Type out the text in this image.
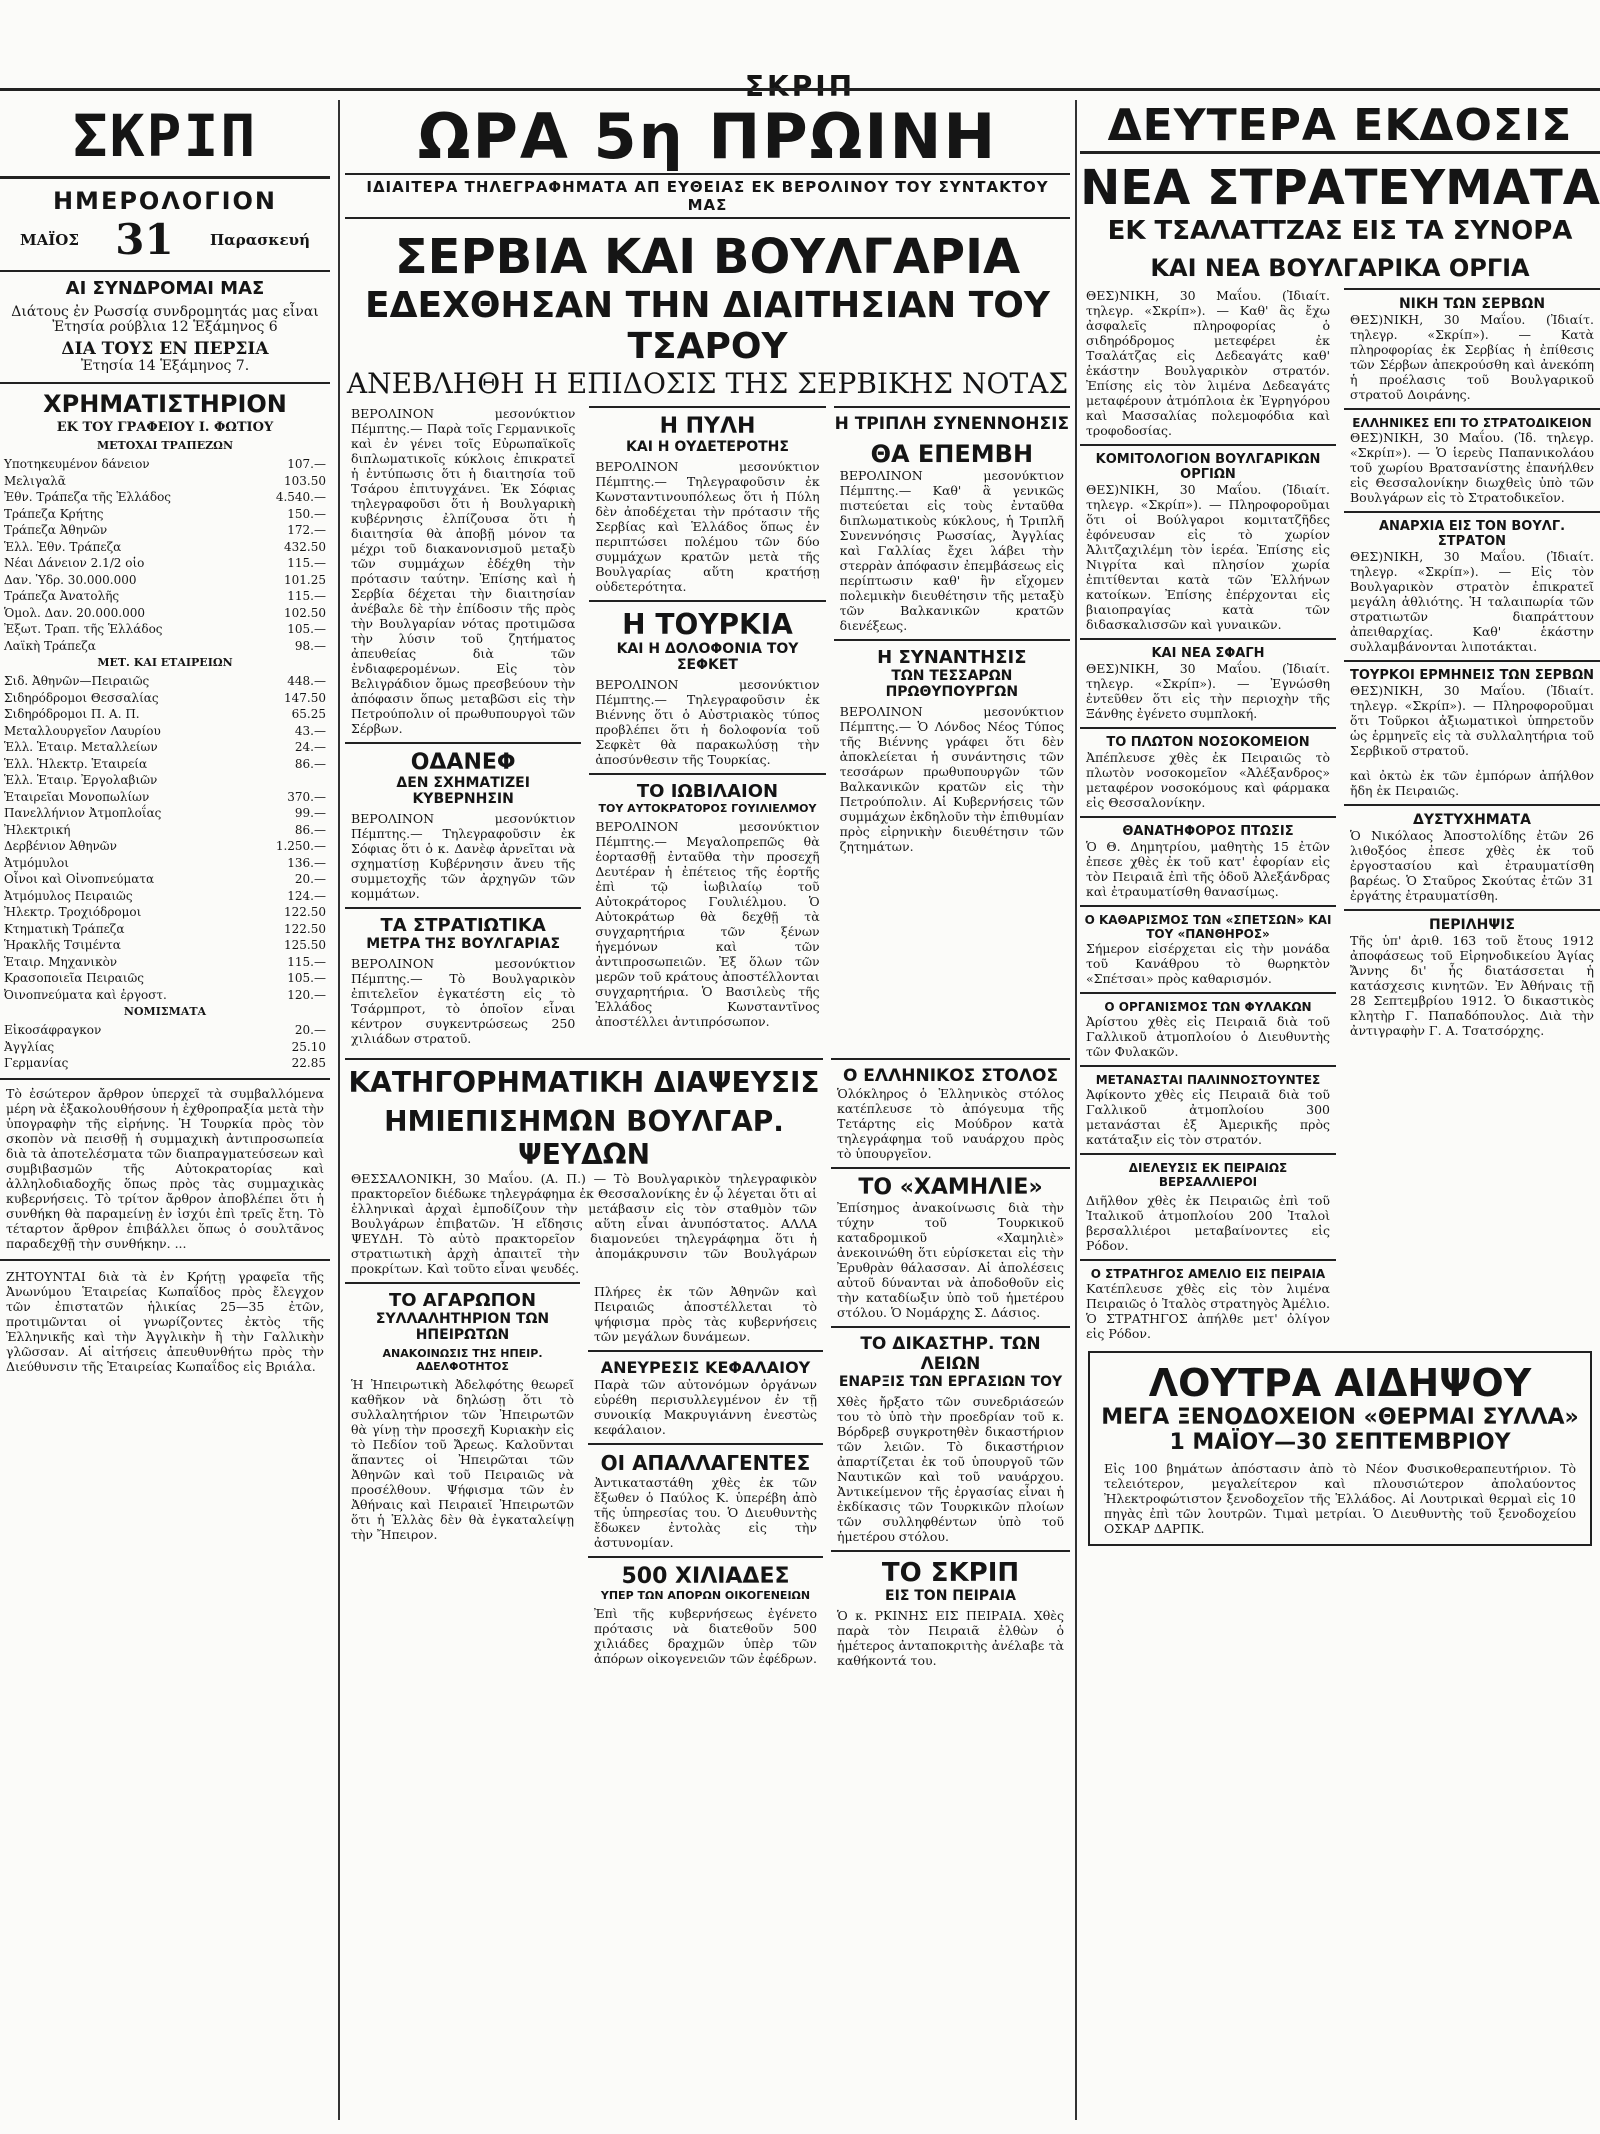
ΣΚΡΙΠ
ΣΚΡΙΠ
ΗΜΕΡΟΛΟΓΙΟΝ
ΜΑΪΟΣ 31 Παρασκευή
ΑΙ ΣΥΝΔΡΟΜΑΙ ΜΑΣ
Διάτους ἐν Ρωσσίᾳ συνδρομητάς μας εἶναι Ἐτησία ρούβλια 12 Ἑξάμηνος 6
ΔΙΑ ΤΟΥΣ ΕΝ ΠΕΡΣΙΑ
Ἐτησία 14 Ἑξάμηνος 7.
ΧΡΗΜΑΤΙΣΤΗΡΙΟΝ
ΕΚ ΤΟΥ ΓΡΑΦΕΙΟΥ Ι. ΦΩΤΙΟΥ
ΜΕΤΟΧΑΙ ΤΡΑΠΕΖΩΝ
Υποτηκευμένον δάνειον	107.—
Μελιγαλᾶ	103.50
Ἐθν. Τράπεζα τῆς Ἑλλάδος	4.540.—
Τράπεζα Κρήτης	150.—
Τράπεζα Ἀθηνῶν	172.—
Ἑλλ. Ἐθν. Τράπεζα	432.50
Νέαι Δάνειον 2.1/2 οἱο	115.—
Δαν. Ὑδρ. 30.000.000	101.25
Τράπεζα Ἀνατολῆς	115.—
Ὁμολ. Δαν. 20.000.000	102.50
Ἐξωτ. Τραπ. τῆς Ἑλλάδος	105.—
Λαϊκὴ Τράπεζα	98.—
ΜΕΤ. ΚΑΙ ΕΤΑΙΡΕΙΩΝ
Σιδ. Ἀθηνῶν—Πειραιῶς	448.—
Σιδηρόδρομοι Θεσσαλίας	147.50
Σιδηρόδρομοι Π. Α. Π.	65.25
Μεταλλουργεῖον Λαυρίου	43.—
Ἑλλ. Ἑταιρ. Μεταλλείων	24.—
Ἑλλ. Ἡλεκτρ. Ἑταιρεία	86.—
Ἑλλ. Ἑταιρ. Ἐργολαβιῶν	
Ἑταιρεῖαι Μονοπωλίων	370.—
Πανελλήνιον Ἀτμοπλοΐας	99.—
Ἠλεκτρική	86.—
Δερβένιον Ἀθηνῶν	1.250.—
Ἀτμόμυλοι	136.—
Οἶνοι καὶ Οἰνοπνεύματα	20.—
Ἀτμόμυλος Πειραιῶς	124.—
Ἠλεκτρ. Τροχιόδρομοι	122.50
Κτηματικὴ Τράπεζα	122.50
Ἡρακλῆς Τσιμέντα	125.50
Ἑταιρ. Μηχανικὸν	115.—
Κρασοποιεῖα Πειραιῶς	105.—
Ὀινοπνεύματα καὶ ἐργοστ.	120.—
ΝΟΜΙΣΜΑΤΑ
Εἰκοσάφραγκον	20.—
Ἀγγλίας	25.10
Γερμανίας	22.85
Τὸ ἐσώτερον ἄρθρον ὑπερχεῖ τὰ συμβαλλόμενα μέρη νὰ ἐξακολουθήσουν ἡ ἐχθροπραξία μετὰ τὴν ὑπογραφὴν τῆς εἰρήνης. Ἡ Τουρκία πρὸς τὸν σκοπὸν νὰ πεισθῇ ἡ συμμαχικὴ ἀντιπροσωπεία διὰ τὰ ἀποτελέσματα τῶν διαπραγματεύσεων καὶ συμβιβασμῶν τῆς Αὐτοκρατορίας καὶ ἀλληλοδιαδοχῆς ὅπως πρὸς τὰς συμμαχικὰς κυβερνήσεις. Τὸ τρίτον ἄρθρον ἀποβλέπει ὅτι ἡ συνθήκη θὰ παραμείνῃ ἐν ἰσχύι ἐπὶ τρεῖς ἔτη. Τὸ τέταρτον ἄρθρον ἐπιβάλλει ὅπως ὁ σουλτᾶνος παραδεχθῇ τὴν συνθήκην. ...
ΖΗΤΟΥΝΤΑΙ διὰ τὰ ἐν Κρήτῃ γραφεῖα τῆς Ἀνωνύμου Ἑταιρείας Κωπαΐδος πρὸς ἔλεγχον τῶν ἐπιστατῶν ἡλικίας 25—35 ἐτῶν, προτιμῶνται οἱ γνωρίζοντες ἐκτὸς τῆς Ἑλληνικῆς καὶ τὴν Ἀγγλικὴν ἢ τὴν Γαλλικὴν γλῶσσαν. Αἱ αἰτήσεις ἀπευθυνθήτω πρὸς τὴν Διεύθυνσιν τῆς Ἑταιρείας Κωπαΐδος εἰς Βριάλα.
ΩΡΑ 5η ΠΡΩΙΝΗ
ΙΔΙΑΙΤΕΡΑ ΤΗΛΕΓΡΑΦΗΜΑΤΑ ΑΠ ΕΥΘΕΙΑΣ ΕΚ ΒΕΡΟΛΙΝΟΥ ΤΟΥ ΣΥΝΤΑΚΤΟΥ ΜΑΣ
ΣΕΡΒΙΑ ΚΑΙ ΒΟΥΛΓΑΡΙΑ
ΕΔΕΧΘΗΣΑΝ ΤΗΝ ΔΙΑΙΤΗΣΙΑΝ ΤΟΥ ΤΣΑΡΟΥ
ΑΝΕΒΛΗΘΗ Η ΕΠΙΔΟΣΙΣ ΤΗΣ ΣΕΡΒΙΚΗΣ ΝΟΤΑΣ
ΒΕΡΟΛΙΝΟΝ μεσονύκτιον Πέμπτης.— Παρὰ τοῖς Γερμανικοῖς καὶ ἐν γένει τοῖς Εὐρωπαϊκοῖς διπλωματικοῖς κύκλοις ἐπικρατεῖ ἡ ἐντύπωσις ὅτι ἡ διαιτησία τοῦ Τσάρου ἐπιτυγχάνει. Ἐκ Σόφιας τηλεγραφοῦσι ὅτι ἡ Βουλγαρικὴ κυβέρνησις ἐλπίζουσα ὅτι ἡ διαιτησία θὰ ἀποβῇ μόνον τα μέχρι τοῦ διακανονισμοῦ μεταξὺ τῶν συμμάχων ἐδέχθη τὴν πρότασιν ταύτην. Ἐπίσης καὶ ἡ Σερβία δέχεται τὴν διαιτησίαν ἀνέβαλε δὲ τὴν ἐπίδοσιν τῆς πρὸς τὴν Βουλγαρίαν νότας προτιμῶσα τὴν λύσιν τοῦ ζητήματος ἀπευθείας διὰ τῶν ἐνδιαφερομένων. Εἰς τὸν Βελιγράδιον ὅμως πρεσβεύουν τὴν ἀπόφασιν ὅπως μεταβῶσι εἰς τὴν Πετρούπολιν οἱ πρωθυπουργοὶ τῶν Σέρβων.
ΟΔΑΝΕΦ
ΔΕΝ ΣΧΗΜΑΤΙΖΕΙ ΚΥΒΕΡΝΗΣΙΝ
ΒΕΡΟΛΙΝΟΝ μεσονύκτιον Πέμπτης.— Τηλεγραφοῦσιν ἐκ Σόφιας ὅτι ὁ κ. Δανὲφ ἀρνεῖται νὰ σχηματίσῃ Κυβέρνησιν ἄνευ τῆς συμμετοχῆς τῶν ἀρχηγῶν τῶν κομμάτων.
ΤΑ ΣΤΡΑΤΙΩΤΙΚΑ
ΜΕΤΡΑ ΤΗΣ ΒΟΥΛΓΑΡΙΑΣ
ΒΕΡΟΛΙΝΟΝ μεσονύκτιον Πέμπτης.— Τὸ Βουλγαρικὸν ἐπιτελεῖον ἐγκατέστη εἰς τὸ Τσάρμπροτ, τὸ ὁποῖον εἶναι κέντρον συγκεντρώσεως 250 χιλιάδων στρατοῦ.
Η ΠΥΛΗ
ΚΑΙ Η ΟΥΔΕΤΕΡΟΤΗΣ
ΒΕΡΟΛΙΝΟΝ μεσονύκτιον Πέμπτης.— Τηλεγραφοῦσιν ἐκ Κωνσταντινουπόλεως ὅτι ἡ Πύλη δὲν ἀποδέχεται τὴν πρότασιν τῆς Σερβίας καὶ Ἑλλάδος ὅπως ἐν περιπτώσει πολέμου τῶν δύο συμμάχων κρατῶν μετὰ τῆς Βουλγαρίας αὕτη κρατήσῃ οὐδετερότητα.
Η ΤΟΥΡΚΙΑ
ΚΑΙ Η ΔΟΛΟΦΟΝΙΑ ΤΟΥ ΣΕΦΚΕΤ
ΒΕΡΟΛΙΝΟΝ μεσονύκτιον Πέμπτης.— Τηλεγραφοῦσιν ἐκ Βιέννης ὅτι ὁ Αὐστριακὸς τύπος προβλέπει ὅτι ἡ δολοφονία τοῦ Σεφκὲτ θὰ παρακωλύσῃ τὴν ἀποσύνθεσιν τῆς Τουρκίας.
ΤΟ ΙΩΒΙΛΑΙΟΝ
ΤΟΥ ΑΥΤΟΚΡΑΤΟΡΟΣ ΓΟΥΙΛΙΕΛΜΟΥ
ΒΕΡΟΛΙΝΟΝ μεσονύκτιον Πέμπτης.— Μεγαλοπρεπῶς θὰ ἑορτασθῇ ἐνταῦθα τὴν προσεχῆ Δευτέραν ἡ ἐπέτειος τῆς ἑορτῆς ἐπὶ τῷ ἰωβιλαίῳ τοῦ Αὐτοκράτορος Γουλιέλμου. Ὁ Αὐτοκράτωρ θὰ δεχθῇ τὰ συγχαρητήρια τῶν ξένων ἡγεμόνων καὶ τῶν ἀντιπροσωπειῶν. Ἐξ ὅλων τῶν μερῶν τοῦ κράτους ἀποστέλλονται συγχαρητήρια. Ὁ Βασιλεὺς τῆς Ἑλλάδος Κωνσταντῖνος ἀποστέλλει ἀντιπρόσωπον.
Η ΤΡΙΠΛΗ ΣΥΝΕΝΝΟΗΣΙΣ
ΘΑ ΕΠΕΜΒΗ
ΒΕΡΟΛΙΝΟΝ μεσονύκτιον Πέμπτης.— Καθ' ἃ γενικῶς πιστεύεται εἰς τοὺς ἐνταῦθα διπλωματικοὺς κύκλους, ἡ Τριπλῆ Συνεννόησις Ρωσσίας, Ἀγγλίας καὶ Γαλλίας ἔχει λάβει τὴν στερρὰν ἀπόφασιν ἐπεμβάσεως εἰς περίπτωσιν καθ' ἣν εἴχομεν πολεμικὴν διευθέτησιν τῆς μεταξὺ τῶν Βαλκανικῶν κρατῶν διενέξεως.
Η ΣΥΝΑΝΤΗΣΙΣ
ΤΩΝ ΤΕΣΣΑΡΩΝ ΠΡΩΘΥΠΟΥΡΓΩΝ
ΒΕΡΟΛΙΝΟΝ μεσονύκτιον Πέμπτης.— Ὁ Λόνδος Νέος Τύπος τῆς Βιέννης γράφει ὅτι δὲν ἀποκλείεται ἡ συνάντησις τῶν τεσσάρων πρωθυπουργῶν τῶν Βαλκανικῶν κρατῶν εἰς τὴν Πετρούπολιν. Αἱ Κυβερνήσεις τῶν συμμάχων ἐκδηλοῦν τὴν ἐπιθυμίαν πρὸς εἰρηνικὴν διευθέτησιν τῶν ζητημάτων.
ΚΑΤΗΓΟΡΗΜΑΤΙΚΗ ΔΙΑΨΕΥΣΙΣ
ΗΜΙΕΠΙΣΗΜΩΝ ΒΟΥΛΓΑΡ. ΨΕΥΔΩΝ
ΘΕΣΣΑΛΟΝΙΚΗ, 30 Μαΐου. (Α. Π.) — Τὸ Βουλγαρικὸν τηλεγραφικὸν πρακτορεῖον διέδωκε τηλεγράφημα ἐκ Θεσσαλονίκης ἐν ᾧ λέγεται ὅτι αἱ ἑλληνικαὶ ἀρχαὶ ἐμποδίζουν τὴν μετάβασιν εἰς τὸν σταθμὸν τῶν Βουλγάρων ἐπιβατῶν. Ἡ εἴδησις αὕτη εἶναι ἀνυπόστατος. ΑΛΛΑ ΨΕΥΔΗ. Τὸ αὐτὸ πρακτορεῖον διαμονεύει τηλεγράφημα ὅτι ἡ στρατιωτικὴ ἀρχὴ ἀπαιτεῖ τὴν ἀπομάκρυνσιν τῶν Βουλγάρων προκρίτων. Καὶ τοῦτο εἶναι ψευδές.
ΤΟ ΑΓΑΡΩΠΟΝ
ΣΥΛΛΑΛΗΤΗΡΙΟΝ ΤΩΝ ΗΠΕΙΡΩΤΩΝ
ΑΝΑΚΟΙΝΩΣΙΣ ΤΗΣ ΗΠΕΙΡ. ΑΔΕΛΦΟΤΗΤΟΣ
Ἡ Ἠπειρωτικὴ Ἀδελφότης θεωρεῖ καθῆκον νὰ δηλώσῃ ὅτι τὸ συλλαλητήριον τῶν Ἠπειρωτῶν θὰ γίνῃ τὴν προσεχῆ Κυριακὴν εἰς τὸ Πεδίον τοῦ Ἄρεως. Καλοῦνται ἅπαντες οἱ Ἠπειρῶται τῶν Ἀθηνῶν καὶ τοῦ Πειραιῶς νὰ προσέλθουν. Ψήφισμα τῶν ἐν Ἀθήναις καὶ Πειραιεῖ Ἠπειρωτῶν ὅτι ἡ Ἑλλὰς δὲν θὰ ἐγκαταλείψῃ τὴν Ἤπειρον.
Πλήρες ἐκ τῶν Ἀθηνῶν καὶ Πειραιῶς ἀποστέλλεται τὸ ψήφισμα πρὸς τὰς κυβερνήσεις τῶν μεγάλων δυνάμεων.
ΑΝΕΥΡΕΣΙΣ ΚΕΦΑΛΑΙΟΥ
Παρὰ τῶν αὐτονόμων ὀργάνων εὑρέθη περισυλλεγμένον ἐν τῇ συνοικίᾳ Μακρυγιάννη ἐνεστὼς κεφάλαιον.
ΟΙ ΑΠΑΛΛΑΓΕΝΤΕΣ
Ἀντικαταστάθη χθὲς ἐκ τῶν ἔξωθεν ὁ Παύλος Κ. ὑπερέβη ἀπὸ τῆς ὑπηρεσίας του. Ὁ Διευθυντὴς ἔδωκεν ἐντολὰς εἰς τὴν ἀστυνομίαν.
500 ΧΙΛΙΑΔΕΣ
ΥΠΕΡ ΤΩΝ ΑΠΟΡΩΝ ΟΙΚΟΓΕΝΕΙΩΝ
Ἐπὶ τῆς κυβερνήσεως ἐγένετο πρότασις νὰ διατεθοῦν 500 χιλιάδες δραχμῶν ὑπὲρ τῶν ἀπόρων οἰκογενειῶν τῶν ἐφέδρων.
Ο ΕΛΛΗΝΙΚΟΣ ΣΤΟΛΟΣ
Ὁλόκληρος ὁ Ἑλληνικὸς στόλος κατέπλευσε τὸ ἀπόγευμα τῆς Τετάρτης εἰς Μούδρον κατὰ τηλεγράφημα τοῦ ναυάρχου πρὸς τὸ ὑπουργεῖον.
ΤΟ «ΧΑΜΗΛΙΕ»
Ἐπίσημος ἀνακοίνωσις διὰ τὴν τύχην τοῦ Τουρκικοῦ καταδρομικοῦ «Χαμηλιὲ» ἀνεκοινώθη ὅτι εὑρίσκεται εἰς τὴν Ἐρυθρὰν θάλασσαν. Αἱ ἀπολέσεις αὐτοῦ δύνανται νὰ ἀποδοθοῦν εἰς τὴν καταδίωξιν ὑπὸ τοῦ ἡμετέρου στόλου. Ὁ Νομάρχης Σ. Δάσιος.
ΤΟ ΔΙΚΑΣΤΗΡ. ΤΩΝ ΛΕΙΩΝ
ΕΝΑΡΞΙΣ ΤΩΝ ΕΡΓΑΣΙΩΝ ΤΟΥ
Χθὲς ἤρξατο τῶν συνεδριάσεών του τὸ ὑπὸ τὴν προεδρίαν τοῦ κ. Βόρδρεβ συγκροτηθὲν δικαστήριον τῶν λειῶν. Τὸ δικαστήριον ἀπαρτίζεται ἐκ τοῦ ὑπουργοῦ τῶν Ναυτικῶν καὶ τοῦ ναυάρχου. Ἀντικείμενον τῆς ἐργασίας εἶναι ἡ ἐκδίκασις τῶν Τουρκικῶν πλοίων τῶν συλληφθέντων ὑπὸ τοῦ ἡμετέρου στόλου.
ΤΟ ΣΚΡΙΠ
ΕΙΣ ΤΟΝ ΠΕΙΡΑΙΑ
Ὁ κ. ΡΚΙΝΗΣ ΕΙΣ ΠΕΙΡΑΙΑ. Χθὲς παρὰ τὸν Πειραιᾶ ἐλθὼν ὁ ἡμέτερος ἀνταποκριτὴς ἀνέλαβε τὰ καθήκοντά του.
ΔΕΥΤΕΡΑ ΕΚΔΟΣΙΣ
ΝΕΑ ΣΤΡΑΤΕΥΜΑΤΑ
ΕΚ ΤΣΑΛΑΤΤΖΑΣ ΕΙΣ ΤΑ ΣΥΝΟΡΑ
ΚΑΙ ΝΕΑ ΒΟΥΛΓΑΡΙΚΑ ΟΡΓΙΑ
ΘΕΣ)ΝΙΚΗ, 30 Μαΐου. (Ἰδιαίτ. τηλεγρ. «Σκρίπ»). — Καθ' ἃς ἔχω ἀσφαλεῖς πληροφορίας ὁ σιδηρόδρομος μετεφέρει ἐκ Τσαλάτζας εἰς Δεδεαγάτς καθ' ἑκάστην Βουλγαρικὸν στρατόν. Ἐπίσης εἰς τὸν λιμένα Δεδεαγάτς μεταφέρουν ἀτμόπλοια ἐκ Ἐγρηγόρου καὶ Μασσαλίας πολεμοφόδια καὶ τροφοδοσίας.
ΚΟΜΙΤΟΛΟΓΙΟΝ ΒΟΥΛΓΑΡΙΚΩΝ ΟΡΓΙΩΝ
ΘΕΣ)ΝΙΚΗ, 30 Μαΐου. (Ἰδιαίτ. τηλεγρ. «Σκρίπ»). — Πληροφοροῦμαι ὅτι οἱ Βούλγαροι κομιτατζῆδες ἐφόνευσαν εἰς τὸ χωρίον Ἀλιτζαχιλέμη τὸν ἱερέα. Ἐπίσης εἰς Νιγρίτα καὶ πλησίον χωρία ἐπιτίθενται κατὰ τῶν Ἑλλήνων κατοίκων. Ἐπίσης ἐπέρχονται εἰς βιαιοπραγίας κατὰ τῶν διδασκαλισσῶν καὶ γυναικῶν.
ΚΑΙ ΝΕΑ ΣΦΑΓΗ
ΘΕΣ)ΝΙΚΗ, 30 Μαΐου. (Ἰδιαίτ. τηλεγρ. «Σκρίπ»). — Ἐγνώσθη ἐντεῦθεν ὅτι εἰς τὴν περιοχὴν τῆς Ξάνθης ἐγένετο συμπλοκή.
ΤΟ ΠΛΩΤΟΝ ΝΟΣΟΚΟΜΕΙΟΝ
Ἀπέπλευσε χθὲς ἐκ Πειραιῶς τὸ πλωτὸν νοσοκομεῖον «Ἀλέξανδρος» μεταφέρον νοσοκόμους καὶ φάρμακα εἰς Θεσσαλονίκην.
ΘΑΝΑΤΗΦΟΡΟΣ ΠΤΩΣΙΣ
Ὁ Θ. Δημητρίου, μαθητὴς 15 ἐτῶν ἐπεσε χθὲς ἐκ τοῦ κατ' ἐφορίαν εἰς τὸν Πειραιᾶ ἐπὶ τῆς ὁδοῦ Ἀλεξάνδρας καὶ ἐτραυματίσθη θανασίμως.
Ο ΚΑΘΑΡΙΣΜΟΣ ΤΩΝ «ΣΠΕΤΣΩΝ» ΚΑΙ ΤΟΥ «ΠΑΝΘΗΡΟΣ»
Σήμερον εἰσέρχεται εἰς τὴν μονάδα τοῦ Κανάθρου τὸ θωρηκτὸν «Σπέτσαι» πρὸς καθαρισμόν.
Ο ΟΡΓΑΝΙΣΜΟΣ ΤΩΝ ΦΥΛΑΚΩΝ
Ἀρίστου χθὲς εἰς Πειραιᾶ διὰ τοῦ Γαλλικοῦ ἀτμοπλοίου ὁ Διευθυντὴς τῶν Φυλακῶν.
ΜΕΤΑΝΑΣΤΑΙ ΠΑΛΙΝΝΟΣΤΟΥΝΤΕΣ
Ἀφίκοντο χθὲς εἰς Πειραιᾶ διὰ τοῦ Γαλλικοῦ ἀτμοπλοίου 300 μετανάσται ἐξ Ἀμερικῆς πρὸς κατάταξιν εἰς τὸν στρατόν.
ΔΙΕΛΕΥΣΙΣ ΕΚ ΠΕΙΡΑΙΩΣ
ΒΕΡΣΑΛΛΙΕΡΟΙ
Διῆλθον χθὲς ἐκ Πειραιῶς ἐπὶ τοῦ Ἰταλικοῦ ἀτμοπλοίου 200 Ἰταλοὶ βερσαλλιέροι μεταβαίνοντες εἰς Ρόδον.
Ο ΣΤΡΑΤΗΓΟΣ ΑΜΕΛΙΟ ΕΙΣ ΠΕΙΡΑΙΑ
Κατέπλευσε χθὲς εἰς τὸν λιμένα Πειραιῶς ὁ Ἰταλὸς στρατηγὸς Ἀμέλιο. Ὁ ΣΤΡΑΤΗΓΟΣ ἀπήλθε μετ' ὀλίγον εἰς Ρόδον.
ΝΙΚΗ ΤΩΝ ΣΕΡΒΩΝ
ΘΕΣ)ΝΙΚΗ, 30 Μαΐου. (Ἰδιαίτ. τηλεγρ. «Σκρίπ»). — Κατὰ πληροφορίας ἐκ Σερβίας ἡ ἐπίθεσις τῶν Σέρβων ἀπεκρούσθη καὶ ἀνεκόπη ἡ προέλασις τοῦ Βουλγαρικοῦ στρατοῦ Δοιράνης.
ΕΛΛΗΝΙΚΕΣ ΕΠΙ ΤΟ ΣΤΡΑΤΟΔΙΚΕΙΟΝ
ΘΕΣ)ΝΙΚΗ, 30 Μαΐου. (Ἰδ. τηλεγρ. «Σκρίπ»). — Ὁ ἱερεὺς Παπανικολάου τοῦ χωρίου Βρατσανίστης ἐπανήλθεν εἰς Θεσσαλονίκην διωχθεὶς ὑπὸ τῶν Βουλγάρων εἰς τὸ Στρατοδικεῖον.
ΑΝΑΡΧΙΑ ΕΙΣ ΤΟΝ ΒΟΥΛΓ. ΣΤΡΑΤΟΝ
ΘΕΣ)ΝΙΚΗ, 30 Μαΐου. (Ἰδιαίτ. τηλεγρ. «Σκρίπ»). — Εἰς τὸν Βουλγαρικὸν στρατὸν ἐπικρατεῖ μεγάλη ἀθλιότης. Ἡ ταλαιπωρία τῶν στρατιωτῶν διαπράττουν ἀπειθαρχίας. Καθ' ἑκάστην συλλαμβάνονται λιποτάκται.
ΤΟΥΡΚΟΙ ΕΡΜΗΝΕΙΣ ΤΩΝ ΣΕΡΒΩΝ
ΘΕΣ)ΝΙΚΗ, 30 Μαΐου. (Ἰδιαίτ. τηλεγρ. «Σκρίπ»). — Πληροφοροῦμαι ὅτι Τοῦρκοι ἀξιωματικοὶ ὑπηρετοῦν ὡς ἑρμηνεῖς εἰς τὰ συλλαλητήρια τοῦ Σερβικοῦ στρατοῦ.
καὶ ὀκτὼ ἐκ τῶν ἐμπόρων ἀπήλθον ἤδη ἐκ Πειραιῶς.
ΔΥΣΤΥΧΗΜΑΤΑ
Ὁ Νικόλαος Ἀποστολίδης ἐτῶν 26 λιθοξόος ἐπεσε χθὲς ἐκ τοῦ ἐργοστασίου καὶ ἐτραυματίσθη βαρέως. Ὁ Σταῦρος Σκούτας ἐτῶν 31 ἐργάτης ἐτραυματίσθη.
ΠΕΡΙΛΗΨΙΣ
Τῆς ὑπ' ἀριθ. 163 τοῦ ἔτους 1912 ἀποφάσεως τοῦ Εἰρηνοδικείου Ἁγίας Ἄννης δι' ἧς διατάσσεται ἡ κατάσχεσις κινητῶν. Ἐν Ἀθήναις τῇ 28 Σεπτεμβρίου 1912. Ὁ δικαστικὸς κλητὴρ Γ. Παπαδόπουλος. Διὰ τὴν ἀντιγραφὴν Γ. Α. Τσατσόρχης.
ΛΟΥΤΡΑ ΑΙΔΗΨΟΥ
ΜΕΓΑ ΞΕΝΟΔΟΧΕΙΟΝ «ΘΕΡΜΑΙ ΣΥΛΛΑ»
1 ΜΑΪΟΥ—30 ΣΕΠΤΕΜΒΡΙΟΥ
Εἰς 100 βημάτων ἀπόστασιν ἀπὸ τὸ Νέον Φυσικοθεραπευτήριον. Τὸ τελειότερον, μεγαλείτερον καὶ πλουσιώτερον ἀπολαύοντος Ἠλεκτροφώτιστον ξενοδοχεῖον τῆς Ἑλλάδος. Αἱ Λουτρικαὶ θερμαὶ εἰς 10 πηγὰς ἐπὶ τῶν λουτρῶν. Τιμαὶ μετρίαι. Ὁ Διευθυντὴς τοῦ ξενοδοχείου ΟΣΚΑΡ ΔΑΡΠΚ.
